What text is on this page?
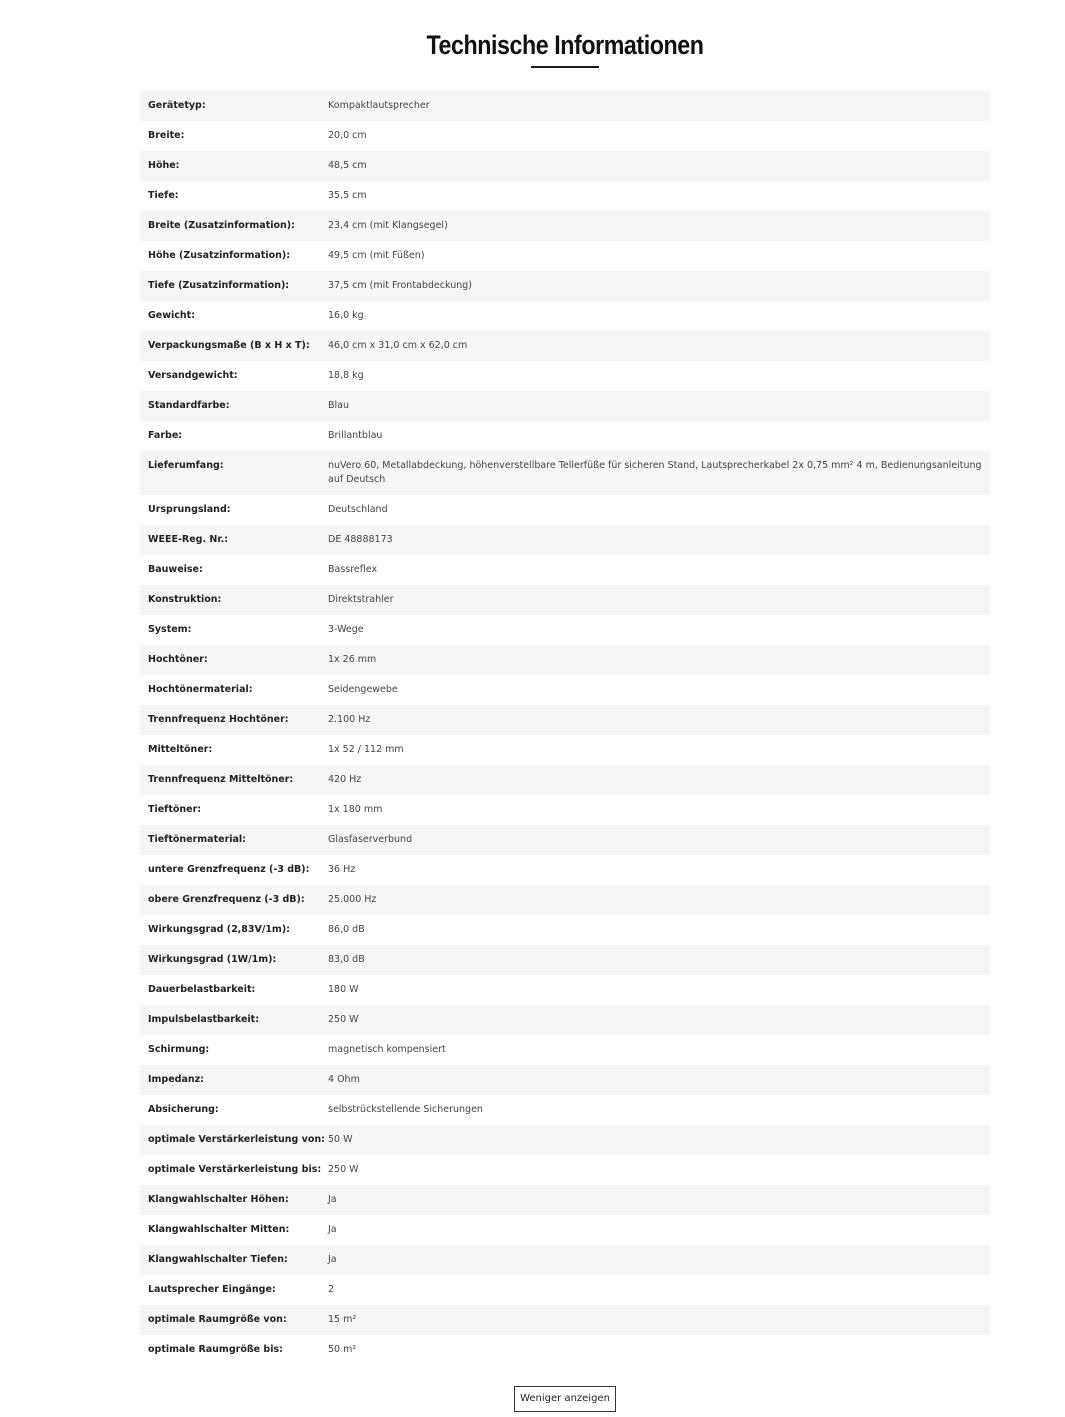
Technische Informationen
Gerätetyp:	Kompaktlautsprecher
Breite:	20,0 cm
Höhe:	48,5 cm
Tiefe:	35,5 cm
Breite (Zusatzinformation):	23,4 cm (mit Klangsegel)
Höhe (Zusatzinformation):	49,5 cm (mit Füßen)
Tiefe (Zusatzinformation):	37,5 cm (mit Frontabdeckung)
Gewicht:	16,0 kg
Verpackungsmaße (B x H x T):	46,0 cm x 31,0 cm x 62,0 cm
Versandgewicht:	18,8 kg
Standardfarbe:	Blau
Farbe:	Brillantblau
Lieferumfang:	nuVero 60, Metallabdeckung, höhenverstellbare Tellerfüße für sicheren Stand, Lautsprecherkabel 2x 0,75 mm² 4 m, Bedienungsanleitung auf Deutsch
Ursprungsland:	Deutschland
WEEE-Reg. Nr.:	DE 48888173
Bauweise:	Bassreflex
Konstruktion:	Direktstrahler
System:	3-Wege
Hochtöner:	1x 26 mm
Hochtönermaterial:	Seidengewebe
Trennfrequenz Hochtöner:	2.100 Hz
Mitteltöner:	1x 52 / 112 mm
Trennfrequenz Mitteltöner:	420 Hz
Tieftöner:	1x 180 mm
Tieftönermaterial:	Glasfaserverbund
untere Grenzfrequenz (-3 dB):	36 Hz
obere Grenzfrequenz (-3 dB):	25.000 Hz
Wirkungsgrad (2,83V/1m):	86,0 dB
Wirkungsgrad (1W/1m):	83,0 dB
Dauerbelastbarkeit:	180 W
Impulsbelastbarkeit:	250 W
Schirmung:	magnetisch kompensiert
Impedanz:	4 Ohm
Absicherung:	selbstrückstellende Sicherungen
optimale Verstärkerleistung von:	50 W
optimale Verstärkerleistung bis:	250 W
Klangwahlschalter Höhen:	Ja
Klangwahlschalter Mitten:	Ja
Klangwahlschalter Tiefen:	Ja
Lautsprecher Eingänge:	2
optimale Raumgröße von:	15 m²
optimale Raumgröße bis:	50 m²
Weniger anzeigen
